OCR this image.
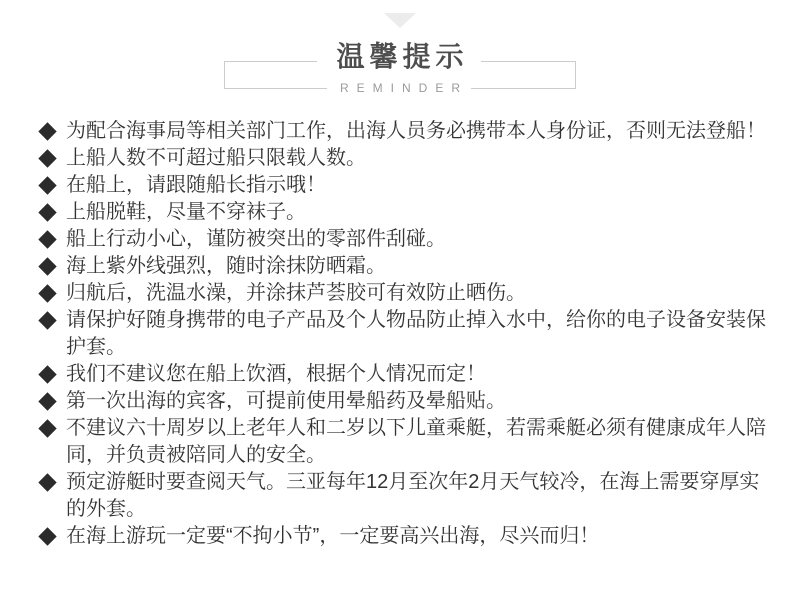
温馨提示
REMINDER
为配合海事局等相关部门工作，出海人员务必携带本人身份证，否则无法登船！
上船人数不可超过船只限载人数。
在船上，请跟随船长指示哦！
上船脱鞋，尽量不穿袜子。
船上行动小心，谨防被突出的零部件刮碰。
海上紫外线强烈，随时涂抹防晒霜。
归航后，洗温水澡，并涂抹芦荟胶可有效防止晒伤。
请保护好随身携带的电子产品及个人物品防止掉入水中，给你的电子设备安装保护套。
我们不建议您在船上饮酒，根据个人情况而定！
第一次出海的宾客，可提前使用晕船药及晕船贴。
不建议六十周岁以上老年人和二岁以下儿童乘艇，若需乘艇必须有健康成年人陪同，并负责被陪同人的安全。
预定游艇时要查阅天气。三亚每年12月至次年2月天气较冷，在海上需要穿厚实的外套。
在海上游玩一定要“不拘小节”，一定要高兴出海，尽兴而归！
